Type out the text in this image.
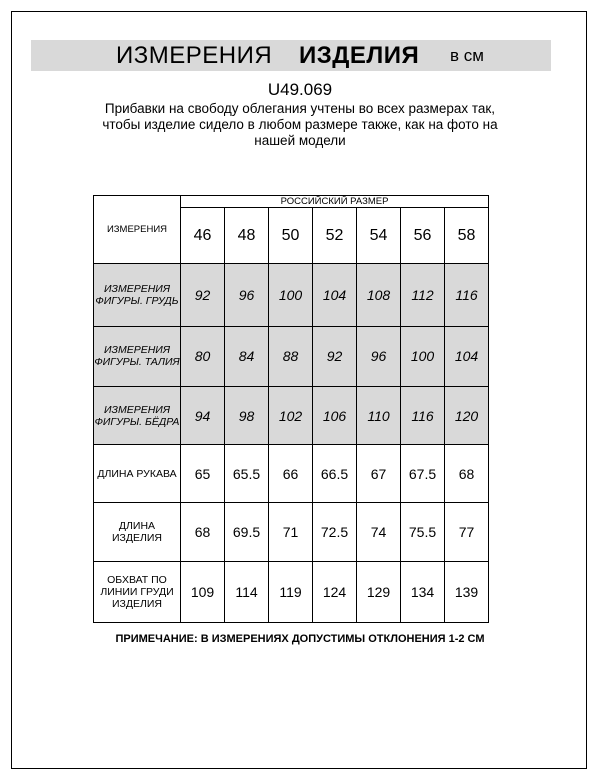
ИЗМЕРЕНИЯ ИЗДЕЛИЯ в см
U49.069
Прибавки на свободу облегания учтены во всех размерах так, чтобы изделие сидело в любом размере также, как на фото на нашей модели
ИЗМЕРЕНИЯ	РОССИЙСКИЙ РАЗМЕР						
	46	48	50	52	54	56	58
ИЗМЕРЕНИЯ ФИГУРЫ. ГРУДЬ	92	96	100	104	108	112	116
ИЗМЕРЕНИЯ ФИГУРЫ. ТАЛИЯ	80	84	88	92	96	100	104
ИЗМЕРЕНИЯ ФИГУРЫ. БЁДРА	94	98	102	106	110	116	120
ДЛИНА РУКАВА	65	65.5	66	66.5	67	67.5	68
ДЛИНА ИЗДЕЛИЯ	68	69.5	71	72.5	74	75.5	77
ОБХВАТ ПО ЛИНИИ ГРУДИ ИЗДЕЛИЯ	109	114	119	124	129	134	139
ПРИМЕЧАНИЕ: В ИЗМЕРЕНИЯХ ДОПУСТИМЫ ОТКЛОНЕНИЯ 1-2 СМ
